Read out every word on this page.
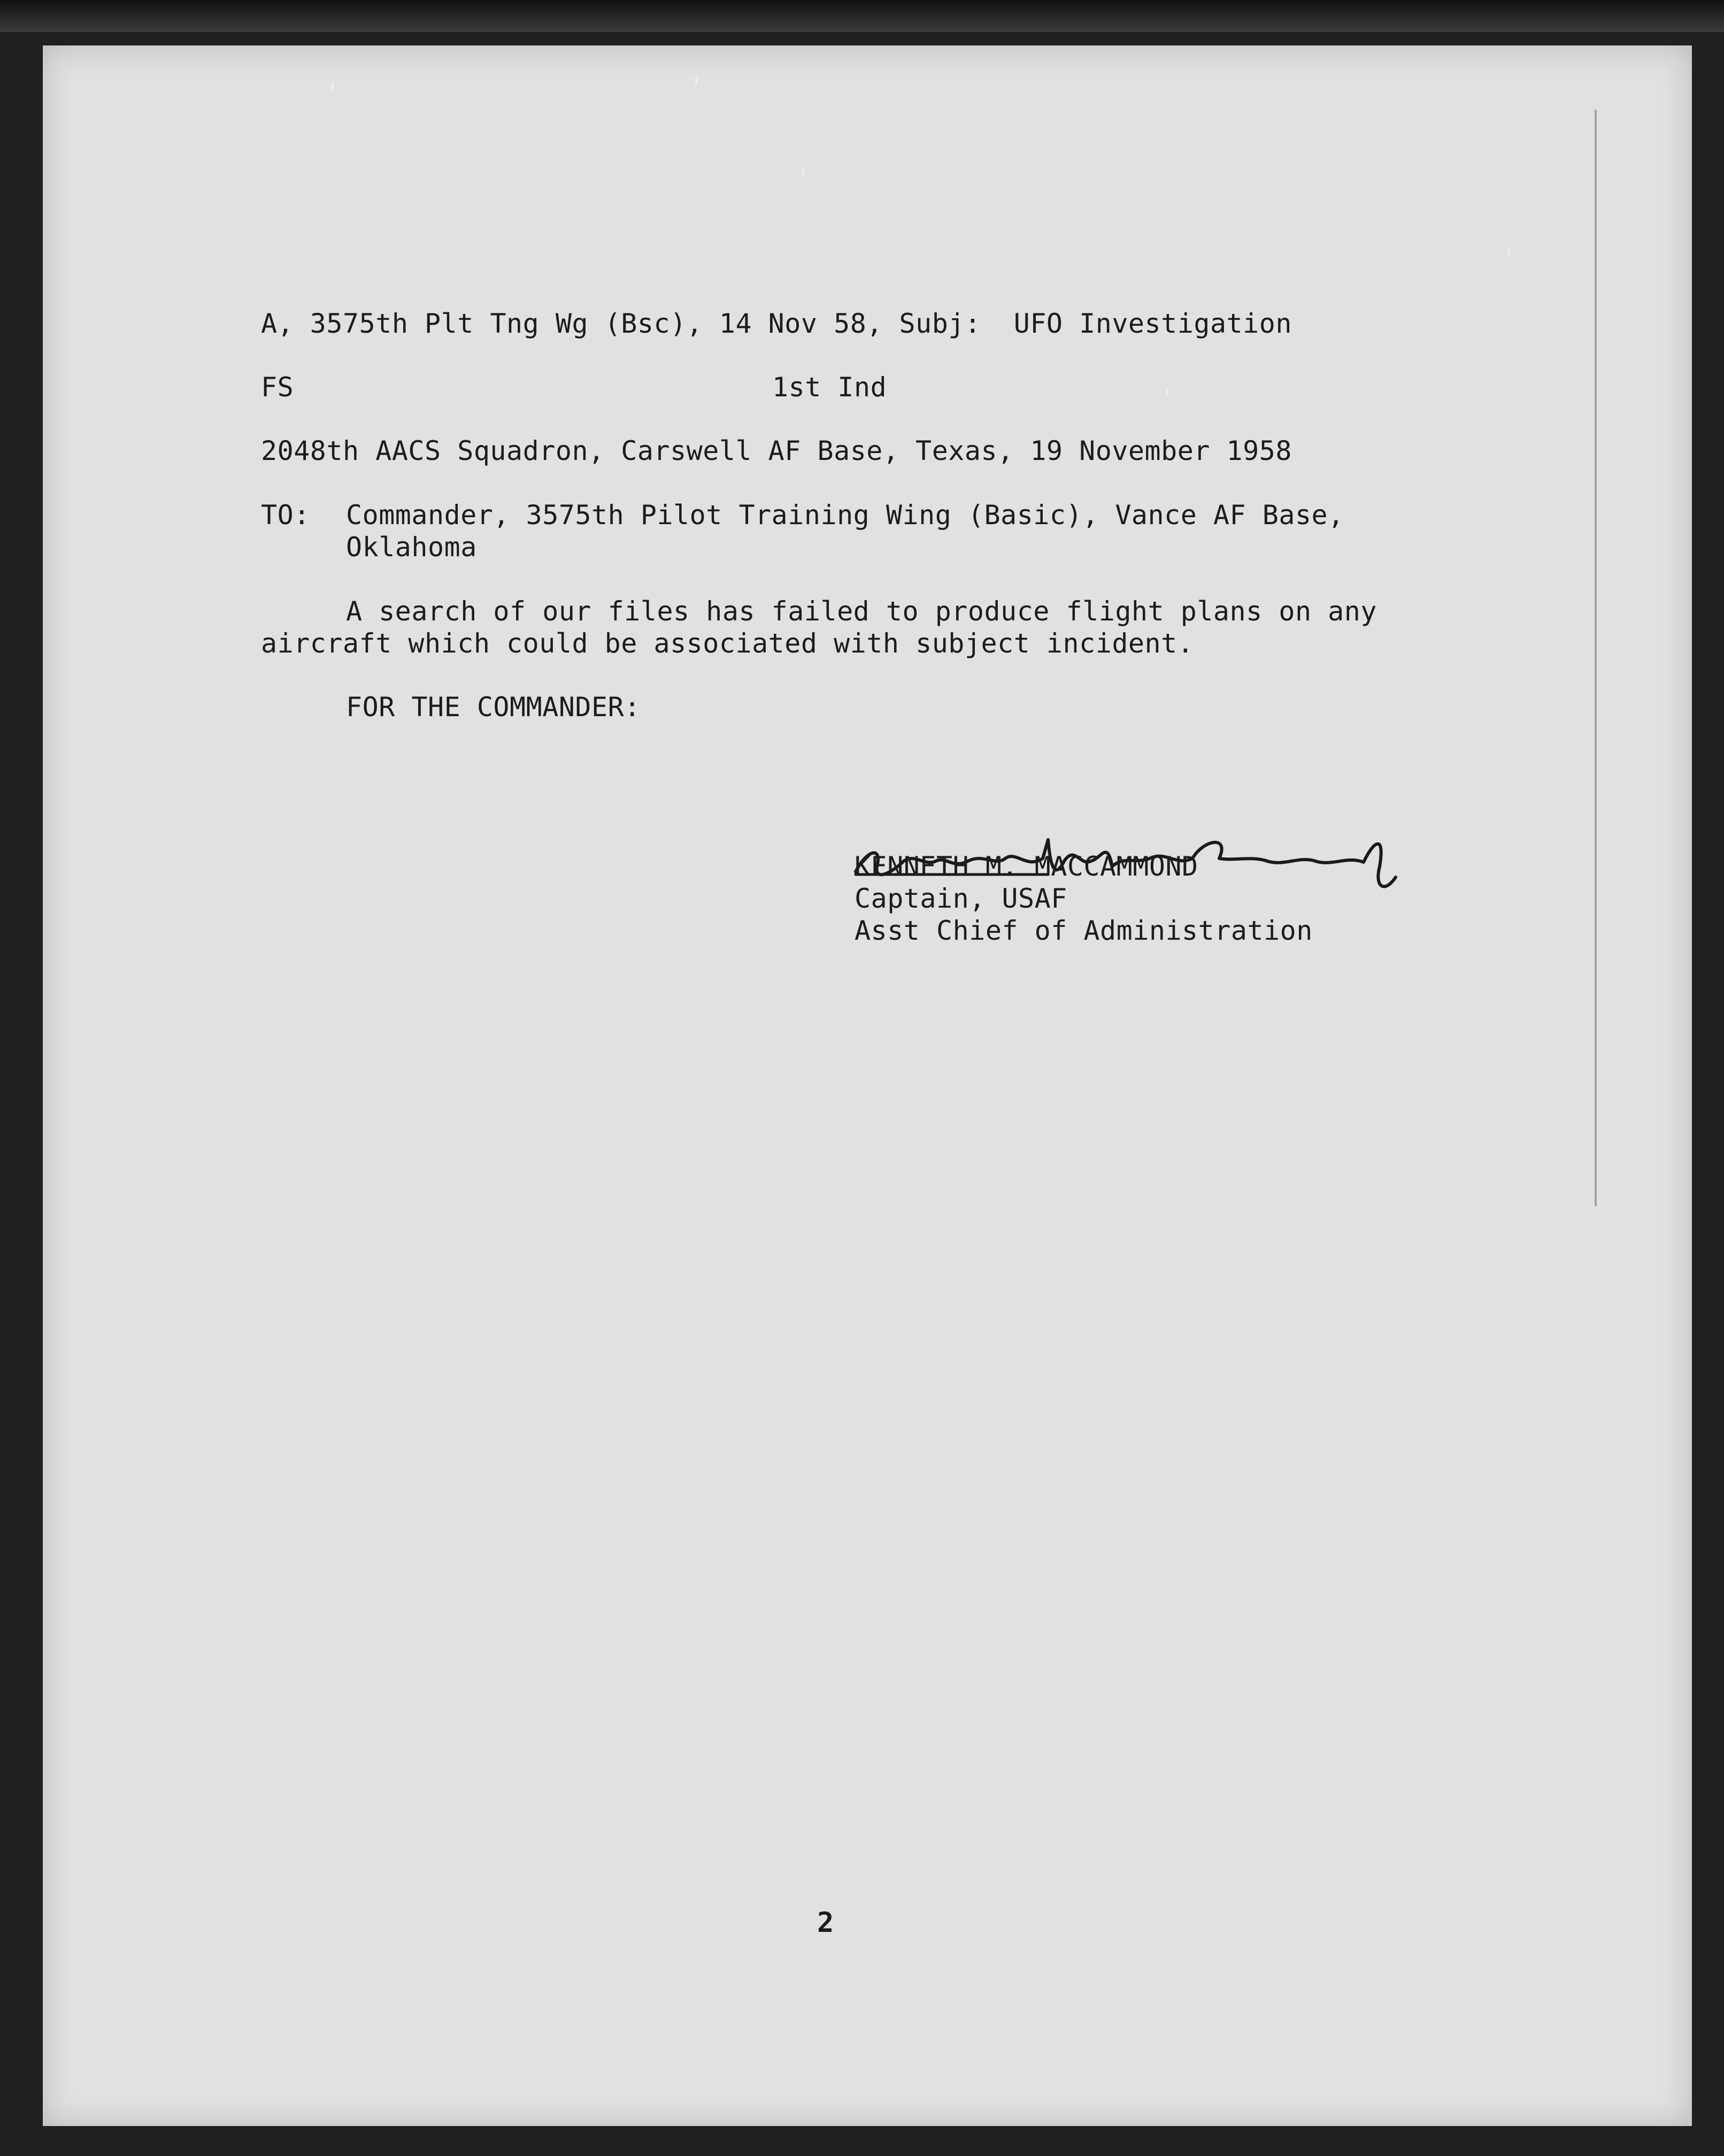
A, 3575th Plt Tng Wg (Bsc), 14 Nov 58, Subj:  UFO Investigation
FS	1st Ind
2048th AACS Squadron, Carswell AF Base, Texas, 19 November 1958
TO: Commander, 3575th Pilot Training Wing (Basic), Vance AF Base,
Oklahoma
A search of our files has failed to produce flight plans on any
aircraft which could be associated with subject incident.
FOR THE COMMANDER:
KENNETH M. MACCAMMOND
Captain, USAF
Asst Chief of Administration
2
